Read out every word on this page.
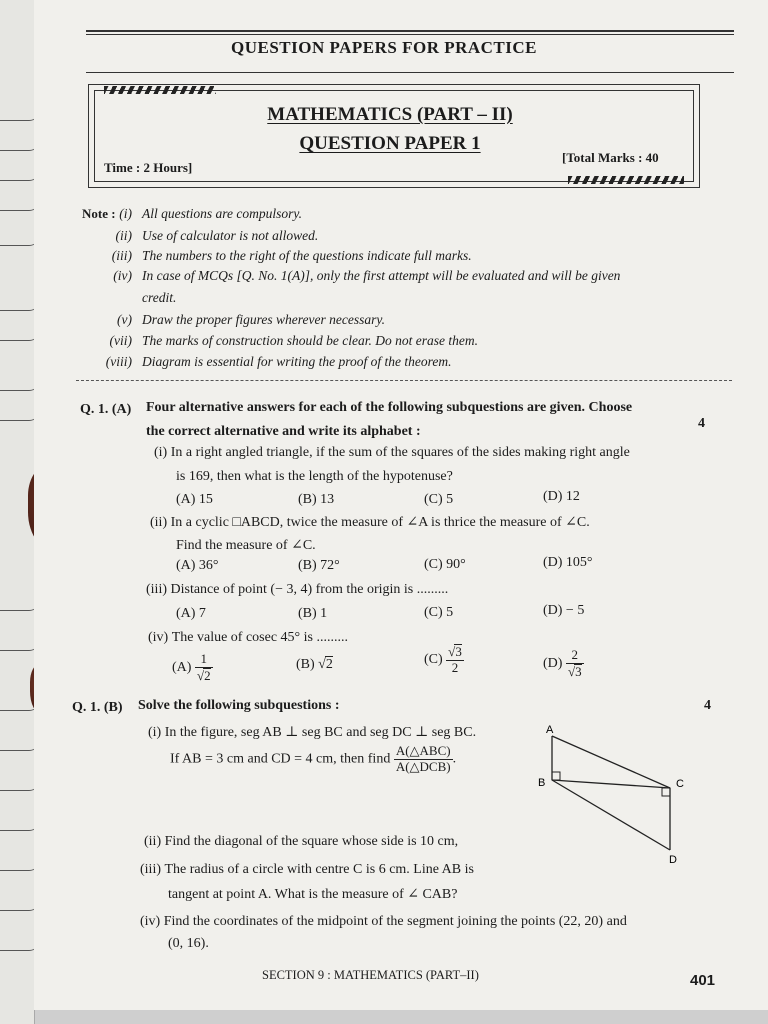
QUESTION PAPERS FOR PRACTICE
MATHEMATICS (PART – II)
QUESTION PAPER 1
Time : 2 Hours]
[Total Marks : 40
Note : (i) All questions are compulsory.
(ii) Use of calculator is not allowed.
(iii) The numbers to the right of the questions indicate full marks.
(iv) In case of MCQs [Q. No. 1(A)], only the first attempt will be evaluated and will be given
credit.
(v) Draw the proper figures wherever necessary.
(vii) The marks of construction should be clear. Do not erase them.
(viii) Diagram is essential for writing the proof of the theorem.
Q. 1. (A) Four alternative answers for each of the following subquestions are given. Choose
the correct alternative and write its alphabet :
4
(i) In a right angled triangle, if the sum of the squares of the sides making right angle
is 169, then what is the length of the hypotenuse?
(A) 15	(B) 13	(C) 5	(D) 12
(ii) In a cyclic □ABCD, twice the measure of ∠A is thrice the measure of ∠C.
Find the measure of ∠C.
(A) 36°	(B) 72°	(C) 90°	(D) 105°
(iii) Distance of point (− 3, 4) from the origin is .........
(A) 7	(B) 1	(C) 5	(D) − 5
(iv) The value of cosec 45° is .........
$(A) \frac{1}{√2}$	(B) √2	$(C) \frac{√3}{2}$	$(D) \frac{2}{√3}$
Q. 1. (B) Solve the following subquestions :	4
(i) In the figure, seg AB ⊥ seg BC and seg DC ⊥ seg BC.
If AB = 3 cm and CD = 4 cm, then find $\frac{\text{A(△ABC)}}{\text{A(△DCB)}}$ .
A
B	C
D
(ii) Find the diagonal of the square whose side is 10 cm,
(iii) The radius of a circle with centre C is 6 cm. Line AB is
tangent at point A. What is the measure of ∠ CAB?
(iv) Find the coordinates of the midpoint of the segment joining the points (22, 20) and
(0, 16).
SECTION 9 : MATHEMATICS (PART–II)	401
